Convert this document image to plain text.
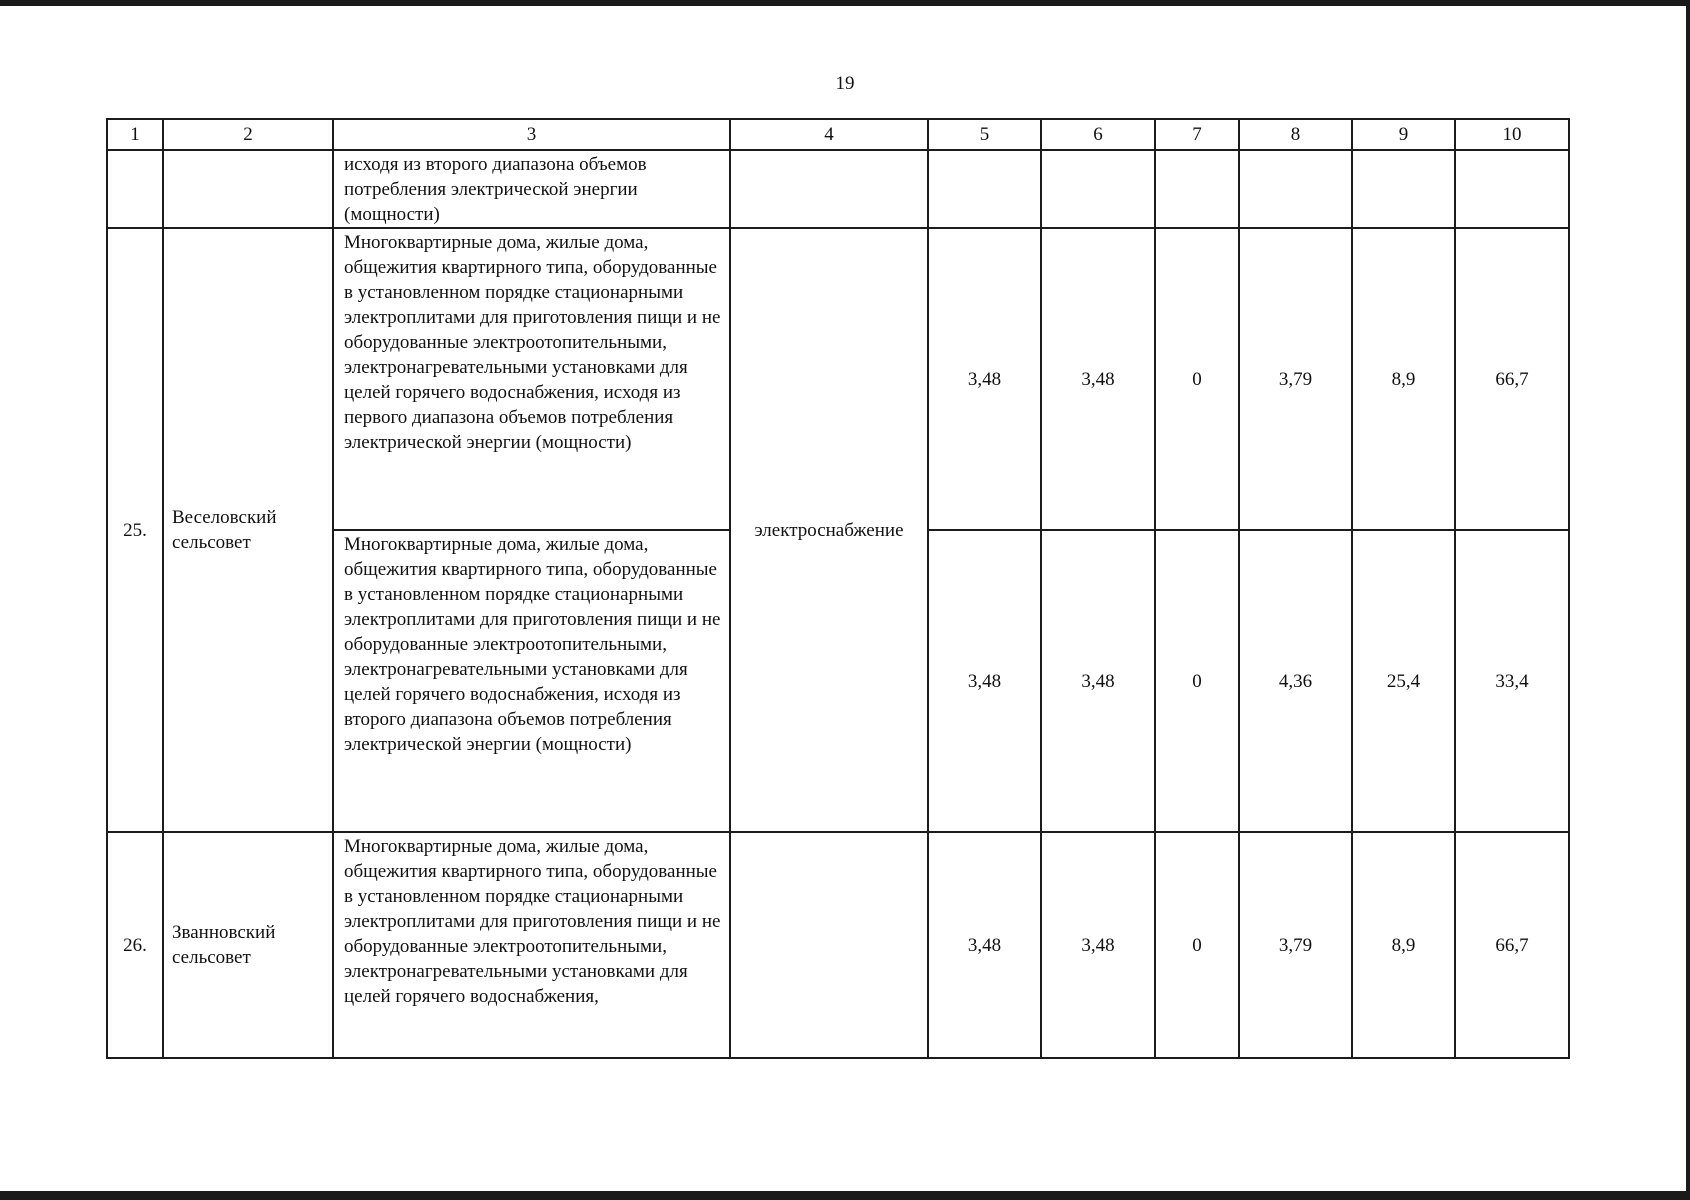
19
1	2	3	4	5	6	7	8	9	10
		исходя из второго диапазона объемов потребления электрической энергии (мощности)							
25.	Веселовский сельсовет	Многоквартирные дома, жилые дома, общежития квартирного типа, оборудованные в установленном порядке стационарными электроплитами для приготовления пищи и не оборудованные электроотопительными, электронагревательными установками для целей горячего водоснабжения, исходя из первого диапазона объемов потребления электрической энергии (мощности)	электроснабжение	3,48	3,48	0	3,79	8,9	66,7
		Многоквартирные дома, жилые дома, общежития квартирного типа, оборудованные в установленном порядке стационарными электроплитами для приготовления пищи и не оборудованные электроотопительными, электронагревательными установками для целей горячего водоснабжения, исходя из второго диапазона объемов потребления электрической энергии (мощности)		3,48	3,48	0	4,36	25,4	33,4
26.	Званновский сельсовет	Многоквартирные дома, жилые дома, общежития квартирного типа, оборудованные в установленном порядке стационарными электроплитами для приготовления пищи и не оборудованные электроотопительными, электронагревательными установками для целей горячего водоснабжения,		3,48	3,48	0	3,79	8,9	66,7
